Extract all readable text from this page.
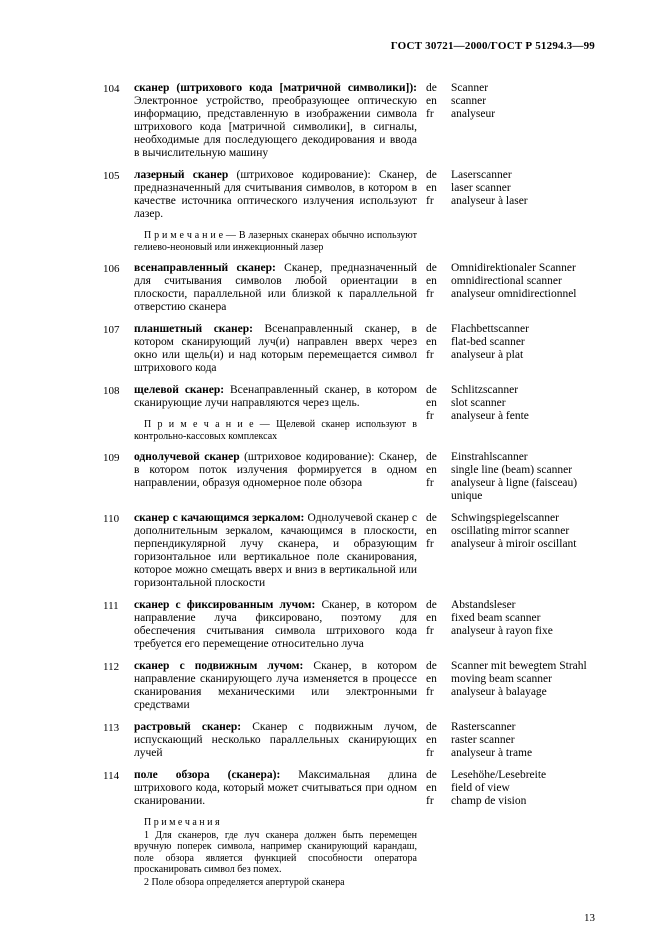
ГОСТ 30721—2000/ГОСТ Р 51294.3—99
104	сканер (штрихового кода [матричной символики]): Электронное устройство, преобразующее оптическую информацию, представленную в изображении символа штрихового кода [матричной символики], в сигналы, необходимые для последующего декодирования и ввода в вычислительную машину

de	Scanner
en	scanner
fr	analyseur
105	лазерный сканер (штриховое кодирование): Сканер, предназначенный для считывания символов, в котором в качестве источника оптического излучения используют лазер.

П р и м е ч а н и е — В лазерных сканерах обычно используют гелиево-неоновый или инжекционный лазер

de	Laserscanner
en	laser scanner
fr	analyseur à laser
106	всенаправленный сканер: Сканер, предназначенный для считывания символов любой ориентации в плоскости, параллельной или близкой к параллельной отверстию сканера

de	Omnidirektionaler Scanner
en	omnidirectional scanner
fr	analyseur omnidirectionnel
107	планшетный сканер: Всенаправленный сканер, в котором сканирующий луч(и) направлен вверх через окно или щель(и) и над которым перемещается символ штрихового кода

de	Flachbettscanner
en	flat-bed scanner
fr	analyseur à plat
108	щелевой сканер: Всенаправленный сканер, в котором сканирующие лучи направляются через щель.

П р и м е ч а н и е — Щелевой сканер используют в контрольно-кассовых комплексах

de	Schlitzscanner
en	slot scanner
fr	analyseur à fente
109	однолучевой сканер (штриховое кодирование): Сканер, в котором поток излучения формируется в одном направлении, образуя одномерное поле обзора

de	Einstrahlscanner
en	single line (beam) scanner
fr	analyseur à ligne (faisceau) unique
110	сканер с качающимся зеркалом: Однолучевой сканер с дополнительным зеркалом, качающимся в плоскости, перпендикулярной лучу сканера, и образующим горизонтальное или вертикальное поле сканирования, которое можно смещать вверх и вниз в вертикальной или горизонтальной плоскости

de	Schwingspiegelscanner
en	oscillating mirror scanner
fr	analyseur à miroir oscillant
111	сканер с фиксированным лучом: Сканер, в котором направление луча фиксировано, поэтому для обеспечения считывания символа штрихового кода требуется его перемещение относительно луча

de	Abstandsleser
en	fixed beam scanner
fr	analyseur à rayon fixe
112	сканер с подвижным лучом: Сканер, в котором направление сканирующего луча изменяется в процессе сканирования механическими или электронными средствами

de	Scanner mit bewegtem Strahl
en	moving beam scanner
fr	analyseur à balayage
113	растровый сканер: Сканер с подвижным лучом, испускающий несколько параллельных сканирующих лучей

de	Rasterscanner
en	raster scanner
fr	analyseur à trame
114	поле обзора (сканера): Максимальная длина штрихового кода, который может считываться при одном сканировании.

П р и м е ч а н и я

1 Для сканеров, где луч сканера должен быть перемещен вручную поперек символа, например сканирующий карандаш, поле обзора является функцией способности оператора просканировать символ без помех.

2 Поле обзора определяется апертурой сканера

de	Lesehöhe/Lesebreite
en	field of view
fr	champ de vision
13
